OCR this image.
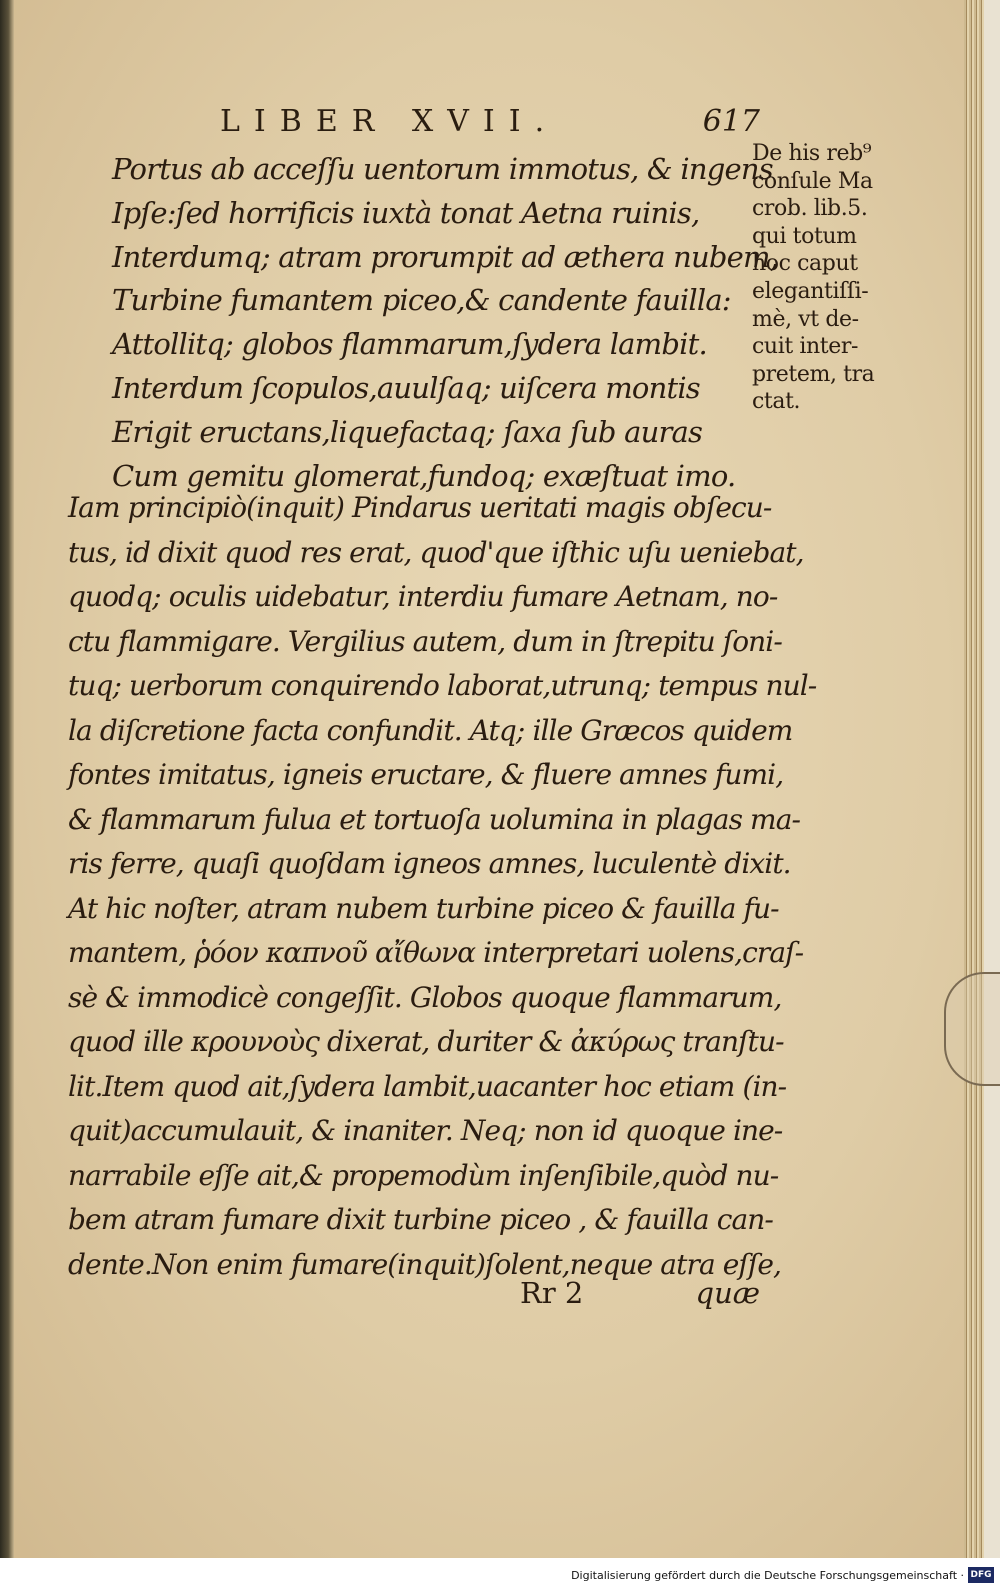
LIBER XVII.	617
Portus ab acceſſu uentorum immotus, & ingens
Ipſe:ſed horrificis iuxtà tonat Aetna ruinis,
Interdumq; atram prorumpit ad æthera nubem,
Turbine fumantem piceo,& candente fauilla:
Attollitq; globos flammarum,ſydera lambit.
Interdum ſcopulos,auulſaq; uiſcera montis
Erigit eructans,liquefactaq; ſaxa ſub auras
Cum gemitu glomerat,fundoq; exæſtuat imo.
Iam principiò(inquit) Pindarus ueritati magis obſecu-
tus, id dixit quod res erat, quod'que iſthic uſu ueniebat,
quodq; oculis uidebatur, interdiu fumare Aetnam, no-
ctu flammigare. Vergilius autem, dum in ſtrepitu ſoni-
tuq; uerborum conquirendo laborat,utrunq; tempus nul-
la diſcretione facta confundit. Atq; ille Græcos quidem
fontes imitatus, igneis eructare, & fluere amnes fumi,
& flammarum fulua et tortuoſa uolumina in plagas ma-
ris ferre, quaſi quoſdam igneos amnes, luculentè dixit.
At hic noſter, atram nubem turbine piceo & fauilla fu-
mantem, ῥόον καπνοῦ αἴθωνα interpretari uolens,craſ-
sè & immodicè congeſſit. Globos quoque flammarum,
quod ille κρουνοὺς dixerat, duriter & ἀκύρως tranſtu-
lit.Item quod ait,ſydera lambit,uacanter hoc etiam (in-
quit)accumulauit, & inaniter. Neq; non id quoque ine-
narrabile eſſe ait,& propemodùm inſenſibile,quòd nu-
bem atram fumare dixit turbine piceo , & fauilla can-
dente.Non enim fumare(inquit)ſolent,neque atra eſſe,
Rr 2	quæ
De his reb⁹
conſule Ma
crob. lib.5.
qui totum
hoc caput
elegantiſſi-
mè, vt de-
cuit inter-
pretem, tra
ctat.
Digitalisierung gefördert durch die Deutsche Forschungsgemeinschaft · DFG
